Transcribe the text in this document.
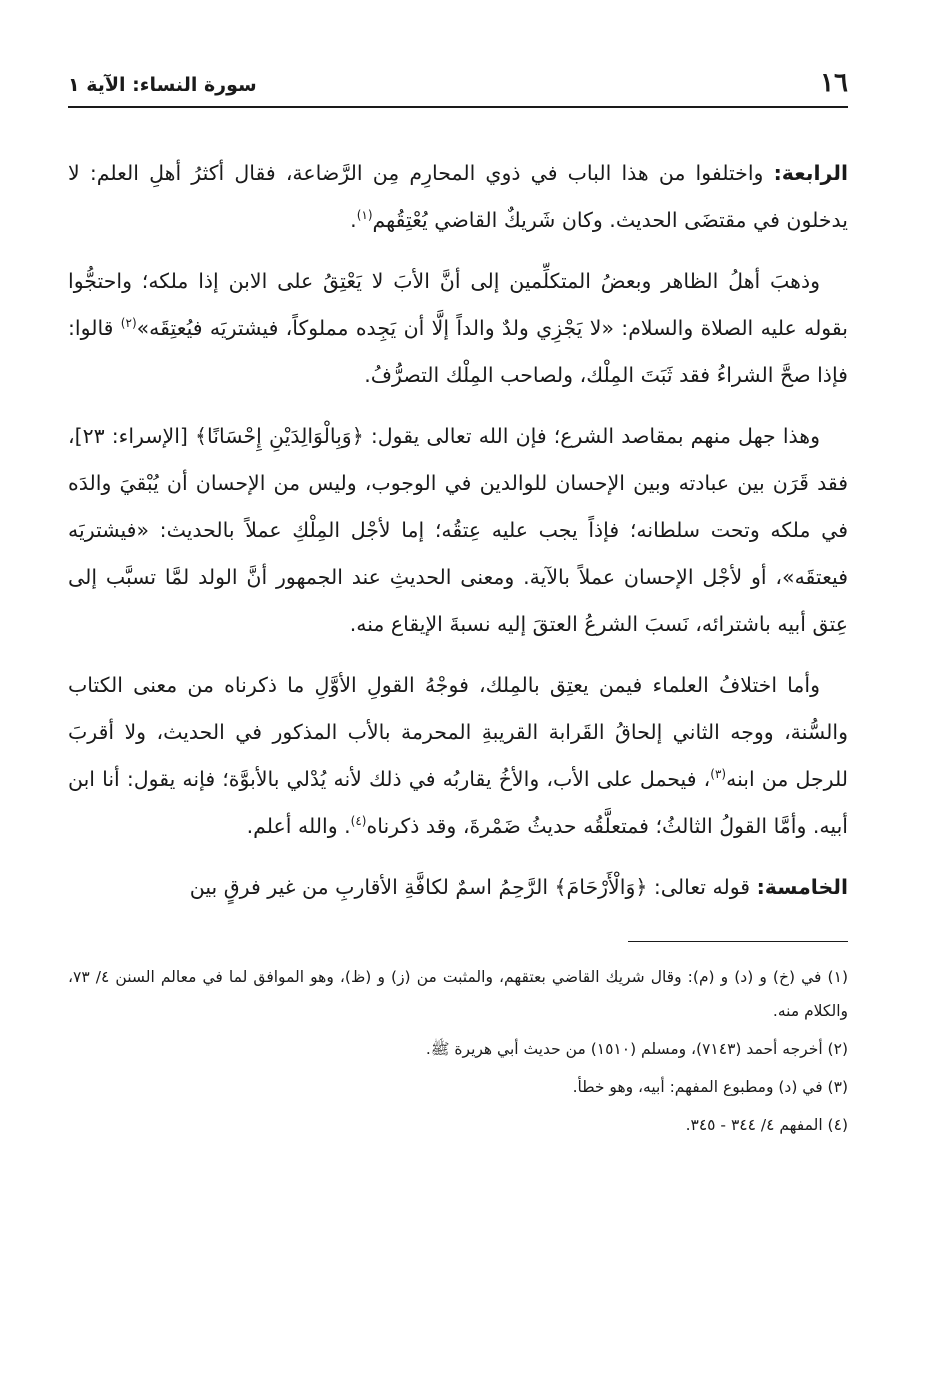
١٦
سورة النساء: الآية ١

الرابعة: واختلفوا من هذا الباب في ذوي المحارِم مِن الرَّضاعة، فقال أكثرُ أهلِ العلم: لا يدخلون في مقتضَى الحديث. وكان شَريكٌ القاضي يُعْتِقُهم$^{(١)}$.

وذهبَ أهلُ الظاهر وبعضُ المتكلِّمين إلى أنَّ الأبَ لا يَعْتِقُ على الابن إذا ملكه؛ واحتجُّوا بقوله عليه الصلاة والسلام: «لا يَجْزِي ولدٌ والداً إلَّا أن يَجِده مملوكاً، فيشتريَه فيُعتِقَه»$^{(٢)}$ قالوا: فإذا صحَّ الشراءُ فقد ثَبَتَ المِلْك، ولصاحب المِلْك التصرُّفُ.

وهذا جهل منهم بمقاصد الشرع؛ فإن الله تعالى يقول: ﴿وَبِالْوَالِدَيْنِ إِحْسَانًا﴾ [الإسراء: ٢٣]، فقد قَرَن بين عبادته وبين الإحسان للوالدين في الوجوب، وليس من الإحسان أن يُبْقيَ والدَه في ملكه وتحت سلطانه؛ فإذاً يجب عليه عِتقُه؛ إما لأجْل المِلْكِ عملاً بالحديث: «فيشتريَه فيعتقَه»، أو لأجْل الإحسان عملاً بالآية. ومعنى الحديثِ عند الجمهور أنَّ الولد لمَّا تسبَّب إلى عِتق أبيه باشترائه، نَسبَ الشرعُ العتقَ إليه نسبةَ الإيقاع منه.

وأما اختلافُ العلماء فيمن يعتِق بالمِلك، فوجْهُ القولِ الأوَّلِ ما ذكرناه من معنى الكتاب والسُّنة، ووجه الثاني إلحاقُ القَرابة القريبةِ المحرمة بالأب المذكور في الحديث، ولا أقربَ للرجل من ابنه$^{(٣)}$، فيحمل على الأب، والأخُ يقاربُه في ذلك لأنه يُدْلي بالأبوَّة؛ فإنه يقول: أنا ابن أبيه. وأمَّا القولُ الثالثُ؛ فمتعلَّقُه حديثُ ضَمْرةَ، وقد ذكرناه$^{(٤)}$. والله أعلم.

الخامسة: قوله تعالى: ﴿وَالْأَرْحَامَ﴾ الرَّحِمُ اسمٌ لكافَّةِ الأقاربِ من غير فرقٍ بين

(١) في (خ) و (د) و (م): وقال شريك القاضي بعتقهم، والمثبت من (ز) و (ظ)، وهو الموافق لما في معالم السنن ٤/ ٧٣، والكلام منه.

(٢) أخرجه أحمد (٧١٤٣)، ومسلم (١٥١٠) من حديث أبي هريرة ﷺ.

(٣) في (د) ومطبوع المفهم: أبيه، وهو خطأ.

(٤) المفهم ٤/ ٣٤٤ - ٣٤٥.
